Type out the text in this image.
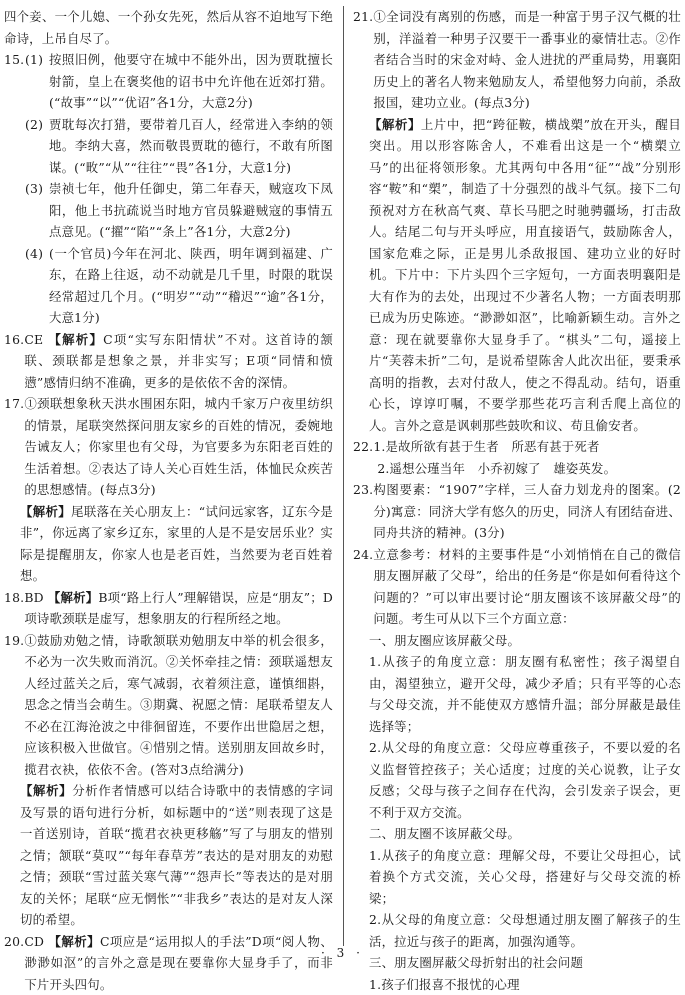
四个妾、一个儿媳、一个孙女先死，然后从容不迫地写下绝命诗，上吊自尽了。
15. (1) 按照旧例，他要守在城中不能外出，因为贾耽擅长射箭，皇上在褒奖他的诏书中允许他在近郊打猎。(“故事”“以”“优诏”各1分，大意2分)
(2) 贾耽每次打猎，要带着几百人，经常进入李纳的领地。李纳大喜，然而敬畏贾耽的德行，不敢有所图谋。(“畋”“从”“往往”“畏”各1分，大意1分)
(3) 崇祯七年，他升任御史，第二年春天，贼寇攻下凤阳，他上书抗疏说当时地方官员躲避贼寇的事情五点意见。(“擢”“陷”“条上”各1分，大意2分)
(4) (一个官员)今年在河北、陕西，明年调到福建、广东，在路上往返，动不动就是几千里，时限的耽误经常超过几个月。(“明岁”“动”“稽迟”“逾”各1分，大意1分)
16. CE 【解析】C项“实写东阳情状”不对。这首诗的颔联、颈联都是想象之景，并非实写；E项“同情和愤懑”感情归纳不准确，更多的是依依不舍的深情。
17. ①颈联想象秋天洪水围困东阳，城内千家万户夜里纺织的情景，尾联突然探问朋友家乡的百姓的情况，委婉地告诫友人；你家里也有父母，为官要多为东阳老百姓的生活着想。②表达了诗人关心百姓生活，体恤民众疾苦的思想感情。(每点3分)
【解析】尾联落在关心朋友上：“试问远家客，辽东今是非”，你远离了家乡辽东，家里的人是不是安居乐业？实际是提醒朋友，你家人也是老百姓，当然要为老百姓着想。
18. BD 【解析】B项“路上行人”理解错误，应是“朋友”；D项诗歌颈联是虚写，想象朋友的行程所经之地。
19. ①鼓励劝勉之情，诗歌颔联劝勉朋友中举的机会很多，不必为一次失败而消沉。②关怀牵挂之情：颈联遥想友人经过蓝关之后，寒气减弱，衣着须注意，谨慎细斟，思念之情当会萌生。③期冀、祝愿之情：尾联希望友人不必在江海沧波之中徘徊留连，不要作出世隐居之想，应该积极入世做官。④惜别之情。送别朋友回故乡时，揽君衣袂，依依不舍。(答对3点给满分)
【解析】分析作者情感可以结合诗歌中的表情感的字词及写景的语句进行分析，如标题中的“送”则表现了这是一首送别诗，首联“揽君衣袂更移觞”写了与朋友的惜别之情；颔联“莫叹”“每年春草芳”表达的是对朋友的劝慰之情；颈联“雪过蓝关寒气薄”“怨声长”等表达的是对朋友的关怀；尾联“应无惘怅”“非我乡”表达的是对友人深切的希望。
20. CD 【解析】C项应是“运用拟人的手法”D项“阅人物、渺渺如沤”的言外之意是现在要靠你大显身手了，而非下片开头四句。
21. ①全词没有离别的伤感，而是一种富于男子汉气概的壮别，洋溢着一种男子汉要干一番事业的豪情壮志。②作者结合当时的宋金对峙、金人进扰的严重局势，用襄阳历史上的著名人物来勉励友人，希望他努力向前，杀敌报国，建功立业。(每点3分)
【解析】上片中，把“跨征鞍，横战槊”放在开头，醒目突出。用以形容陈舍人，不难看出这是一个“横槊立马”的出征将领形象。尤其两句中各用“征”“战”分别形容“鞍”和“槊”，制造了十分强烈的战斗气氛。接下二句预祝对方在秋高气爽、草长马肥之时驰骋疆场，打击敌人。结尾二句与开头呼应，用直接语气，鼓励陈舍人，国家危难之际，正是男儿杀敌报国、建功立业的好时机。下片中：下片头四个三字短句，一方面表明襄阳是大有作为的去处，出现过不少著名人物；一方面表明那已成为历史陈迹。“渺渺如沤”，比喻新颖生动。言外之意：现在就要靠你大显身手了。“棋头”二句，遥接上片“芙蓉未折”二句，是说希望陈舍人此次出征，要秉承高明的指教，去对付敌人，使之不得乱动。结句，语重心长，谆谆叮嘱，不要学那些花巧言利舌爬上高位的人。言外之意是讽刺那些鼓吹和议、苟且偷安者。
22. 1.是故所欲有甚于生者　所恶有甚于死者
2.遥想公瑾当年　小乔初嫁了　雄姿英发。
23. 构图要素：“1907”字样，三人奋力划龙舟的图案。(2分)寓意：同济大学有悠久的历史，同济人有团结奋进、同舟共济的精神。(3分)
24. 立意参考：材料的主要事件是“小刘悄悄在自己的微信朋友圈屏蔽了父母”，给出的任务是“你是如何看待这个问题的？”可以审出要讨论“朋友圈该不该屏蔽父母”的问题。考生可从以下三个方面立意：
一、朋友圈应该屏蔽父母。
1.从孩子的角度立意：朋友圈有私密性；孩子渴望自由，渴望独立，避开父母，减少矛盾；只有平等的心态与父母交流，并不能使双方感情升温；部分屏蔽是最佳选择等；
2.从父母的角度立意：父母应尊重孩子，不要以爱的名义监督管控孩子；关心适度；过度的关心说教，让子女反感；父母与孩子之间存在代沟，会引发亲子误会，更不利于双方交流。
二、朋友圈不该屏蔽父母。
1.从孩子的角度立意：理解父母，不要让父母担心，试着换个方式交流，关心父母，搭建好与父母交流的桥梁；
2.从父母的角度立意：父母想通过朋友圈了解孩子的生活，拉近与孩子的距离，加强沟通等。
三、朋友圈屏蔽父母折射出的社会问题
1.孩子们报喜不报忧的心理
· 3 ·
